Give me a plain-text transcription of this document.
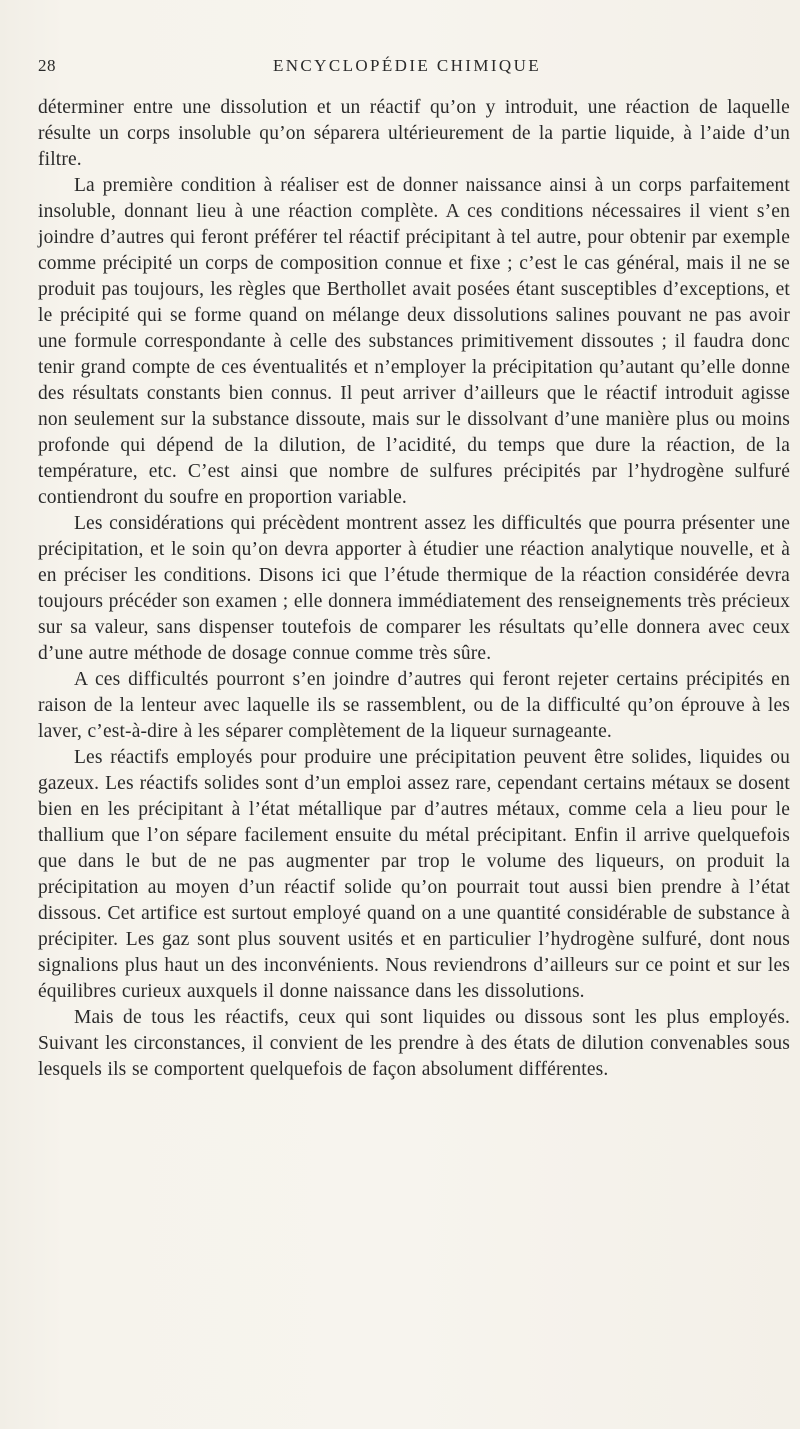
28	ENCYCLOPÉDIE CHIMIQUE

déterminer entre une dissolution et un réactif qu’on y introduit, une réaction de laquelle résulte un corps insoluble qu’on séparera ultérieurement de la partie liquide, à l’aide d’un filtre.

La première condition à réaliser est de donner naissance ainsi à un corps parfaitement insoluble, donnant lieu à une réaction complète. A ces conditions nécessaires il vient s’en joindre d’autres qui feront préférer tel réactif précipitant à tel autre, pour obtenir par exemple comme précipité un corps de composition connue et fixe ; c’est le cas général, mais il ne se produit pas toujours, les règles que Berthollet avait posées étant susceptibles d’exceptions, et le précipité qui se forme quand on mélange deux dissolutions salines pouvant ne pas avoir une formule correspondante à celle des substances primitivement dissoutes ; il faudra donc tenir grand compte de ces éventualités et n’employer la précipitation qu’autant qu’elle donne des résultats constants bien connus. Il peut arriver d’ailleurs que le réactif introduit agisse non seulement sur la substance dissoute, mais sur le dissolvant d’une manière plus ou moins profonde qui dépend de la dilution, de l’acidité, du temps que dure la réaction, de la température, etc. C’est ainsi que nombre de sulfures précipités par l’hydrogène sulfuré contiendront du soufre en proportion variable.

Les considérations qui précèdent montrent assez les difficultés que pourra présenter une précipitation, et le soin qu’on devra apporter à étudier une réaction analytique nouvelle, et à en préciser les conditions. Disons ici que l’étude thermique de la réaction considérée devra toujours précéder son examen ; elle donnera immédiatement des renseignements très précieux sur sa valeur, sans dispenser toutefois de comparer les résultats qu’elle donnera avec ceux d’une autre méthode de dosage connue comme très sûre.

A ces difficultés pourront s’en joindre d’autres qui feront rejeter certains précipités en raison de la lenteur avec laquelle ils se rassemblent, ou de la difficulté qu’on éprouve à les laver, c’est-à-dire à les séparer complètement de la liqueur surnageante.

Les réactifs employés pour produire une précipitation peuvent être solides, liquides ou gazeux. Les réactifs solides sont d’un emploi assez rare, cependant certains métaux se dosent bien en les précipitant à l’état métallique par d’autres métaux, comme cela a lieu pour le thallium que l’on sépare facilement ensuite du métal précipitant. Enfin il arrive quelquefois que dans le but de ne pas augmenter par trop le volume des liqueurs, on produit la précipitation au moyen d’un réactif solide qu’on pourrait tout aussi bien prendre à l’état dissous. Cet artifice est surtout employé quand on a une quantité considérable de substance à précipiter. Les gaz sont plus souvent usités et en particulier l’hydrogène sulfuré, dont nous signalions plus haut un des inconvénients. Nous reviendrons d’ailleurs sur ce point et sur les équilibres curieux auxquels il donne naissance dans les dissolutions.

Mais de tous les réactifs, ceux qui sont liquides ou dissous sont les plus employés. Suivant les circonstances, il convient de les prendre à des états de dilution convenables sous lesquels ils se comportent quelquefois de façon absolument différentes.
